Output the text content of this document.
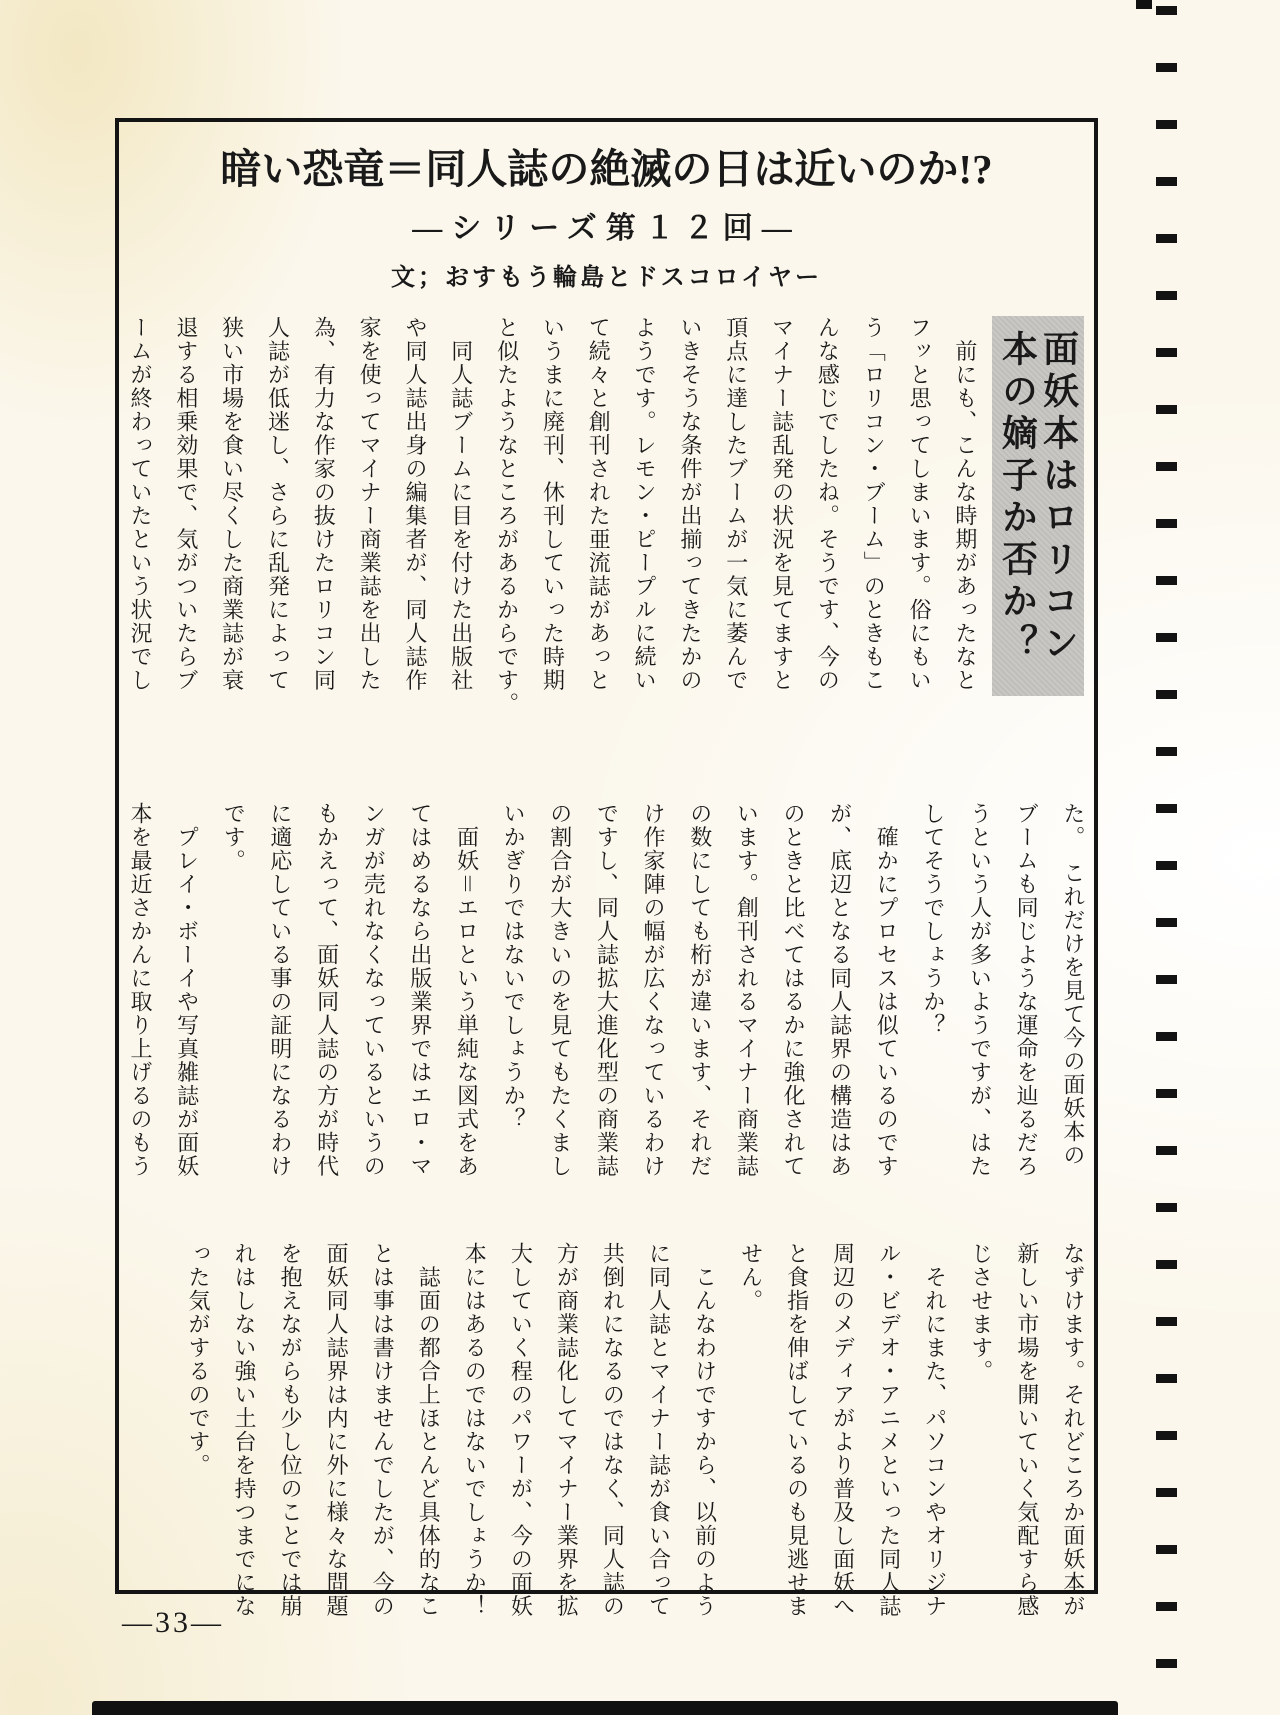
暗い恐竜＝同人誌の絶滅の日は近いのか!?
―シリーズ第１２回―
文；おすもう輪島とドスコロイヤー
面妖本はロリコン
本の嫡子か否か？
　前にも、こんな時期があったなと
フッと思ってしまいます。俗にもい
う「ロリコン・ブーム」のときもこ
んな感じでしたね。そうです、今の
マイナー誌乱発の状況を見てますと
頂点に達したブームが一気に萎んで
いきそうな条件が出揃ってきたかの
ようです。レモン・ピープルに続い
て続々と創刊された亜流誌があっと
いうまに廃刊、休刊していった時期
と似たようなところがあるからです。
　同人誌ブームに目を付けた出版社
や同人誌出身の編集者が、同人誌作
家を使ってマイナー商業誌を出した
為、有力な作家の抜けたロリコン同
人誌が低迷し、さらに乱発によって
狭い市場を食い尽くした商業誌が衰
退する相乗効果で、気がついたらブ
ームが終わっていたという状況でし
た。　これだけを見て今の面妖本の
ブームも同じような運命を辿るだろ
うという人が多いようですが、はた
してそうでしょうか？
　確かにプロセスは似ているのです
が、底辺となる同人誌界の構造はあ
のときと比べてはるかに強化されて
います。創刊されるマイナー商業誌
の数にしても桁が違います、それだ
け作家陣の幅が広くなっているわけ
ですし、同人誌拡大進化型の商業誌
の割合が大きいのを見てもたくまし
いかぎりではないでしょうか？
　面妖＝エロという単純な図式をあ
てはめるなら出版業界ではエロ・マ
ンガが売れなくなっているというの
もかえって、面妖同人誌の方が時代
に適応している事の証明になるわけ
です。
　プレイ・ボーイや写真雑誌が面妖
本を最近さかんに取り上げるのもう
なずけます。それどころか面妖本が
新しい市場を開いていく気配すら感
じさせます。
　それにまた、パソコンやオリジナ
ル・ビデオ・アニメといった同人誌
周辺のメディアがより普及し面妖へ
と食指を伸ばしているのも見逃せま
せん。
　こんなわけですから、以前のよう
に同人誌とマイナー誌が食い合って
共倒れになるのではなく、同人誌の
方が商業誌化してマイナー業界を拡
大していく程のパワーが、今の面妖
本にはあるのではないでしょうか！
　誌面の都合上ほとんど具体的なこ
とは事は書けませんでしたが、今の
面妖同人誌界は内に外に様々な問題
を抱えながらも少し位のことでは崩
れはしない強い土台を持つまでにな
った気がするのです。
―33―
